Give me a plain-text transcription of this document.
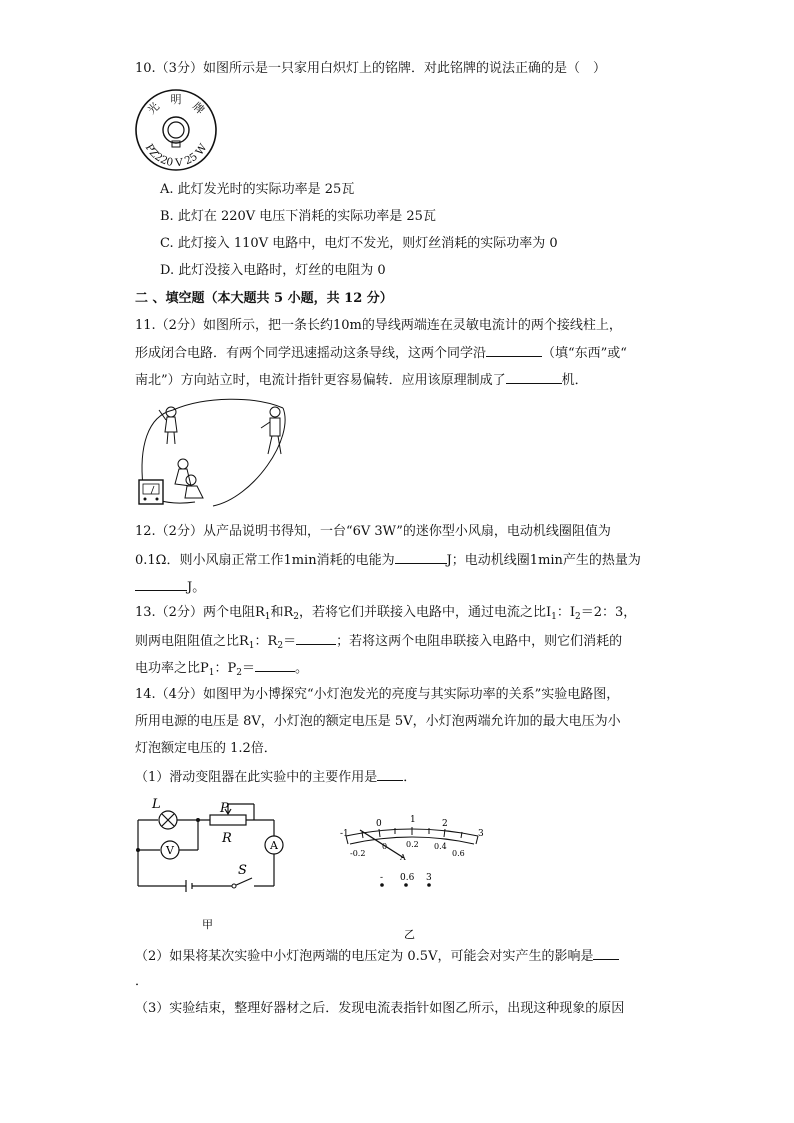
10.（3分）如图所示是一只家用白炽灯上的铭牌．对此铭牌的说法正确的是（　）
光　明　牌
PZ220 V 25 W
A. 此灯发光时的实际功率是 25瓦
B. 此灯在 220V 电压下消耗的实际功率是 25瓦
C. 此灯接入 110V 电路中，电灯不发光，则灯丝消耗的实际功率为 0
D. 此灯没接入电路时，灯丝的电阻为 0
二 、填空题（本大题共 5 小题，共 12 分）
11.（2分）如图所示，把一条长约10m的导线两端连在灵敏电流计的两个接线柱上，
形成闭合电路．有两个同学迅速摇动这条导线，这两个同学沿	（填“东西”或“
南北”）方向站立时，电流计指针更容易偏转．应用该原理制成了	机．
12.（2分）从产品说明书得知，一台“6V 3W”的迷你型小风扇，电动机线圈阻值为
0.1Ω．则小风扇正常工作1min消耗的电能为	J；电动机线圈1min产生的热量为
J。
13.（2分）两个电阻$R_1$和$R_2$，若将它们并联接入电路中，通过电流之比$I_1$：$I_2=2$：3，
则两电阻阻值之比$R_1$：$R_2=$	；若将这两个电阻串联接入电路中，则它们消耗的
电功率之比$P_1$：$P_2=$	。
14.（4分）如图甲为小博探究“小灯泡发光的亮度与其实际功率的关系”实验电路图，
所用电源的电压是 8V，小灯泡的额定电压是 5V，小灯泡两端允许加的最大电压为小
灯泡额定电压的 1.2倍．
（1）滑动变阻器在此实验中的主要作用是 ．
L	P
R	A
V
S
甲
-1
0	1	2
3
-0.2
0 0.2 0.4
0.6
A
- 0.6 3
乙
（2）如果将某次实验中小灯泡两端的电压定为 0.5V，可能会对实产生的影响是
．
（3）实验结束，整理好器材之后．发现电流表指针如图乙所示，出现这种现象的原因
